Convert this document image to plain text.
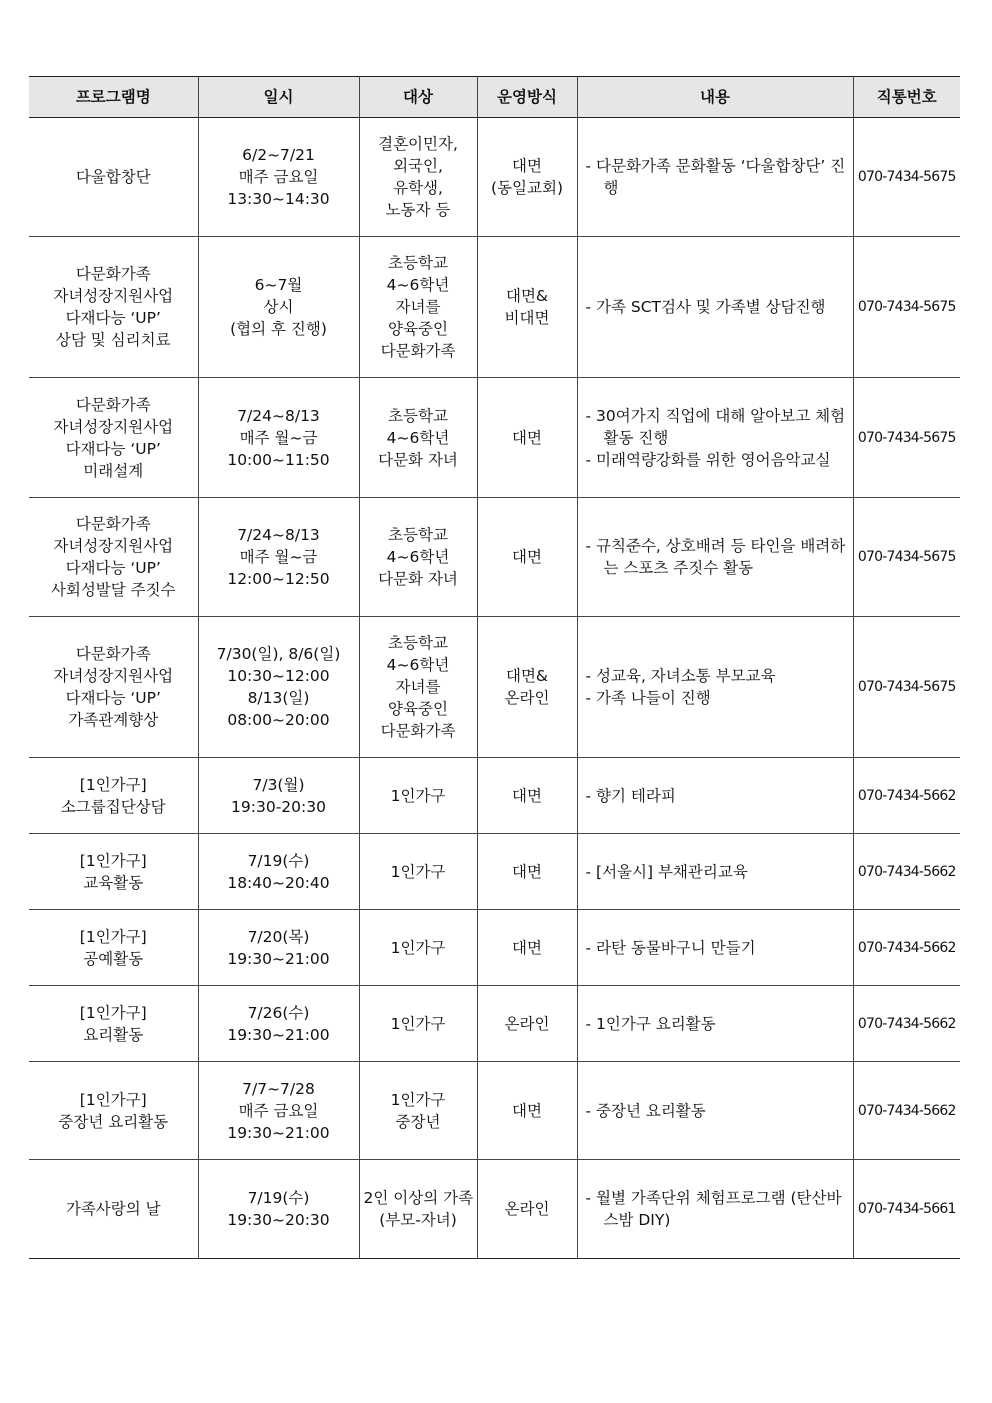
프로그램명	일시	대상	운영방식	내용	직통번호

다울합창단	6/2~7/21
매주 금요일
13:30~14:30	결혼이민자,
외국인,
유학생,
노동자 등	대면
(동일교회)	- 다문화가족 문화활동 ‘다울합창단’ 진행	070-7434-5675

다문화가족
자녀성장지원사업
다재다능 ‘UP’
상담 및 심리치료	6~7월
상시
(협의 후 진행)	초등학교
4~6학년
자녀를
양육중인
다문화가족	대면&
비대면	- 가족 SCT검사 및 가족별 상담진행	070-7434-5675

다문화가족
자녀성장지원사업
다재다능 ‘UP’
미래설계	7/24~8/13
매주 월~금
10:00~11:50	초등학교
4~6학년
다문화 자녀	대면	- 30여가지 직업에 대해 알아보고 체험활동 진행
- 미래역량강화를 위한 영어음악교실	070-7434-5675

다문화가족
자녀성장지원사업
다재다능 ‘UP’
사회성발달 주짓수	7/24~8/13
매주 월~금
12:00~12:50	초등학교
4~6학년
다문화 자녀	대면	- 규칙준수, 상호배려 등 타인을 배려하는 스포츠 주짓수 활동	070-7434-5675

다문화가족
자녀성장지원사업
다재다능 ‘UP’
가족관계향상	7/30(일), 8/6(일)
10:30~12:00
8/13(일)
08:00~20:00	초등학교
4~6학년
자녀를
양육중인
다문화가족	대면&
온라인	- 성교육, 자녀소통 부모교육
- 가족 나들이 진행	070-7434-5675

[1인가구]
소그룹집단상담	7/3(월)
19:30-20:30	1인가구	대면	- 향기 테라피	070-7434-5662

[1인가구]
교육활동	7/19(수)
18:40~20:40	1인가구	대면	- [서울시] 부채관리교육	070-7434-5662

[1인가구]
공예활동	7/20(목)
19:30~21:00	1인가구	대면	- 라탄 동물바구니 만들기	070-7434-5662

[1인가구]
요리활동	7/26(수)
19:30~21:00	1인가구	온라인	- 1인가구 요리활동	070-7434-5662

[1인가구]
중장년 요리활동	7/7~7/28
매주 금요일
19:30~21:00	1인가구
중장년	대면	- 중장년 요리활동	070-7434-5662

가족사랑의 날	7/19(수)
19:30~20:30	2인 이상의 가족
(부모-자녀)	온라인	- 월별 가족단위 체험프로그램 (탄산바스밤 DIY)	070-7434-5661
